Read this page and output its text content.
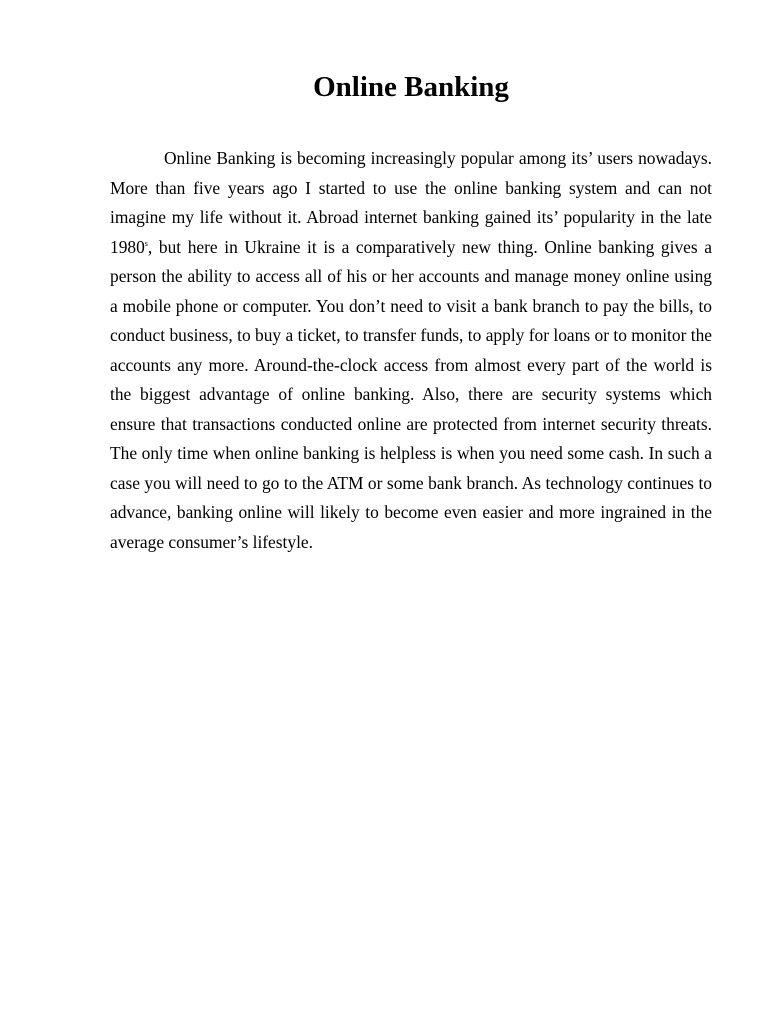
Online Banking

Online Banking is becoming increasingly popular among its’ users nowadays. More than five years ago I started to use the online banking system and can not imagine my life without it. Abroad internet banking gained its’ popularity in the late 1980$^s$, but here in Ukraine it is a comparatively new thing. Online banking gives a person the ability to access all of his or her accounts and manage money online using a mobile phone or computer. You don’t need to visit a bank branch to pay the bills, to conduct business, to buy a ticket, to transfer funds, to apply for loans or to monitor the accounts any more. Around-the-clock access from almost every part of the world is the biggest advantage of online banking. Also, there are security systems which ensure that transactions conducted online are protected from internet security threats. The only time when online banking is helpless is when you need some cash. In such a case you will need to go to the ATM or some bank branch. As technology continues to advance, banking online will likely to become even easier and more ingrained in the average consumer’s lifestyle.
